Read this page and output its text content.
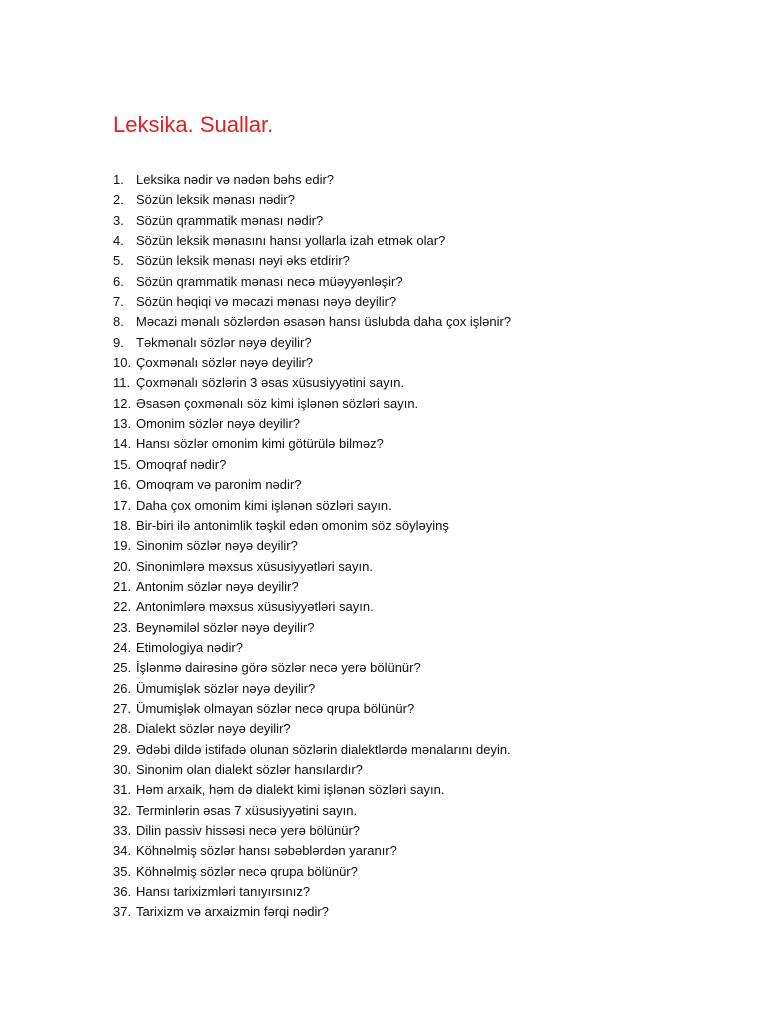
Leksika. Suallar.
1. Leksika nədir və nədən bəhs edir?
2. Sözün leksik mənası nədir?
3. Sözün qrammatik mənası nədir?
4. Sözün leksik mənasını hansı yollarla izah etmək olar?
5. Sözün leksik mənası nəyi əks etdirir?
6. Sözün qrammatik mənası necə müəyyənləşir?
7. Sözün həqiqi və məcazi mənası nəyə deyilir?
8. Məcazi mənalı sözlərdən əsasən hansı üslubda daha çox işlənir?
9. Təkmənalı sözlər nəyə deyilir?
10. Çoxmənalı sözlər nəyə deyilir?
11. Çoxmənalı sözlərin 3 əsas xüsusiyyətini sayın.
12. Əsasən çoxmənalı söz kimi işlənən sözləri sayın.
13. Omonim sözlər nəyə deyilir?
14. Hansı sözlər omonim kimi götürülə bilməz?
15. Omoqraf nədir?
16. Omoqram və paronim nədir?
17. Daha çox omonim kimi işlənən sözləri sayın.
18. Bir-biri ilə antonimlik təşkil edən omonim söz söyləyinş
19. Sinonim sözlər nəyə deyilir?
20. Sinonimlərə məxsus xüsusiyyətləri sayın.
21. Antonim sözlər nəyə deyilir?
22. Antonimlərə məxsus xüsusiyyətləri sayın.
23. Beynəmiləl sözlər nəyə deyilir?
24. Etimologiya nədir?
25. İşlənmə dairəsinə görə sözlər necə yerə bölünür?
26. Ümumişlək sözlər nəyə deyilir?
27. Ümumişlək olmayan sözlər necə qrupa bölünür?
28. Dialekt sözlər nəyə deyilir?
29. Ədəbi dildə istifadə olunan sözlərin dialektlərdə mənalarını deyin.
30. Sinonim olan dialekt sözlər hansılardır?
31. Həm arxaik, həm də dialekt kimi işlənən sözləri sayın.
32. Terminlərin əsas 7 xüsusiyyətini sayın.
33. Dilin passiv hissəsi necə yerə bölünür?
34. Köhnəlmiş sözlər hansı səbəblərdən yaranır?
35. Köhnəlmiş sözlər necə qrupa bölünür?
36. Hansı tarixizmləri tanıyırsınız?
37. Tarixizm və arxaizmin fərqi nədir?
